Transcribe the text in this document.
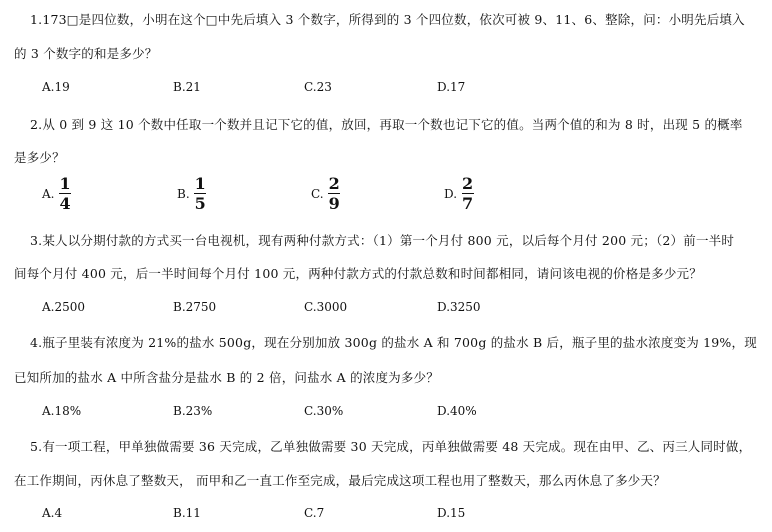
1.173□是四位数，小明在这个□中先后填入 3 个数字，所得到的 3 个四位数，依次可被 9、11、6、整除，问：小明先后填入
的 3 个数字的和是多少？
A.19	B.21	C.23	D.17
2.从 0 到 9 这 10 个数中任取一个数并且记下它的值，放回，再取一个数也记下它的值。当两个值的和为 8 时，出现 5 的概率
是多少？
A. $\frac{1}{4}$	B. $\frac{1}{5}$	C. $\frac{2}{9}$	D. $\frac{2}{7}$
3.某人以分期付款的方式买一台电视机，现有两种付款方式：（1）第一个月付 800 元，以后每个月付 200 元；（2）前一半时
间每个月付 400 元，后一半时间每个月付 100 元，两种付款方式的付款总数和时间都相同，请问该电视的价格是多少元？
A.2500	B.2750	C.3000	D.3250
4.瓶子里装有浓度为 21%的盐水 500g，现在分别加放 300g 的盐水 A 和 700g 的盐水 B 后，瓶子里的盐水浓度变为 19%，现
已知所加的盐水 A 中所含盐分是盐水 B 的 2 倍，问盐水 A 的浓度为多少？
A.18%	B.23%	C.30%	D.40%
5.有一项工程，甲单独做需要 36 天完成，乙单独做需要 30 天完成，丙单独做需要 48 天完成。现在由甲、乙、丙三人同时做，
在工作期间，丙休息了整数天， 而甲和乙一直工作至完成，最后完成这项工程也用了整数天，那么丙休息了多少天？
A.4	B.11	C.7	D.15
